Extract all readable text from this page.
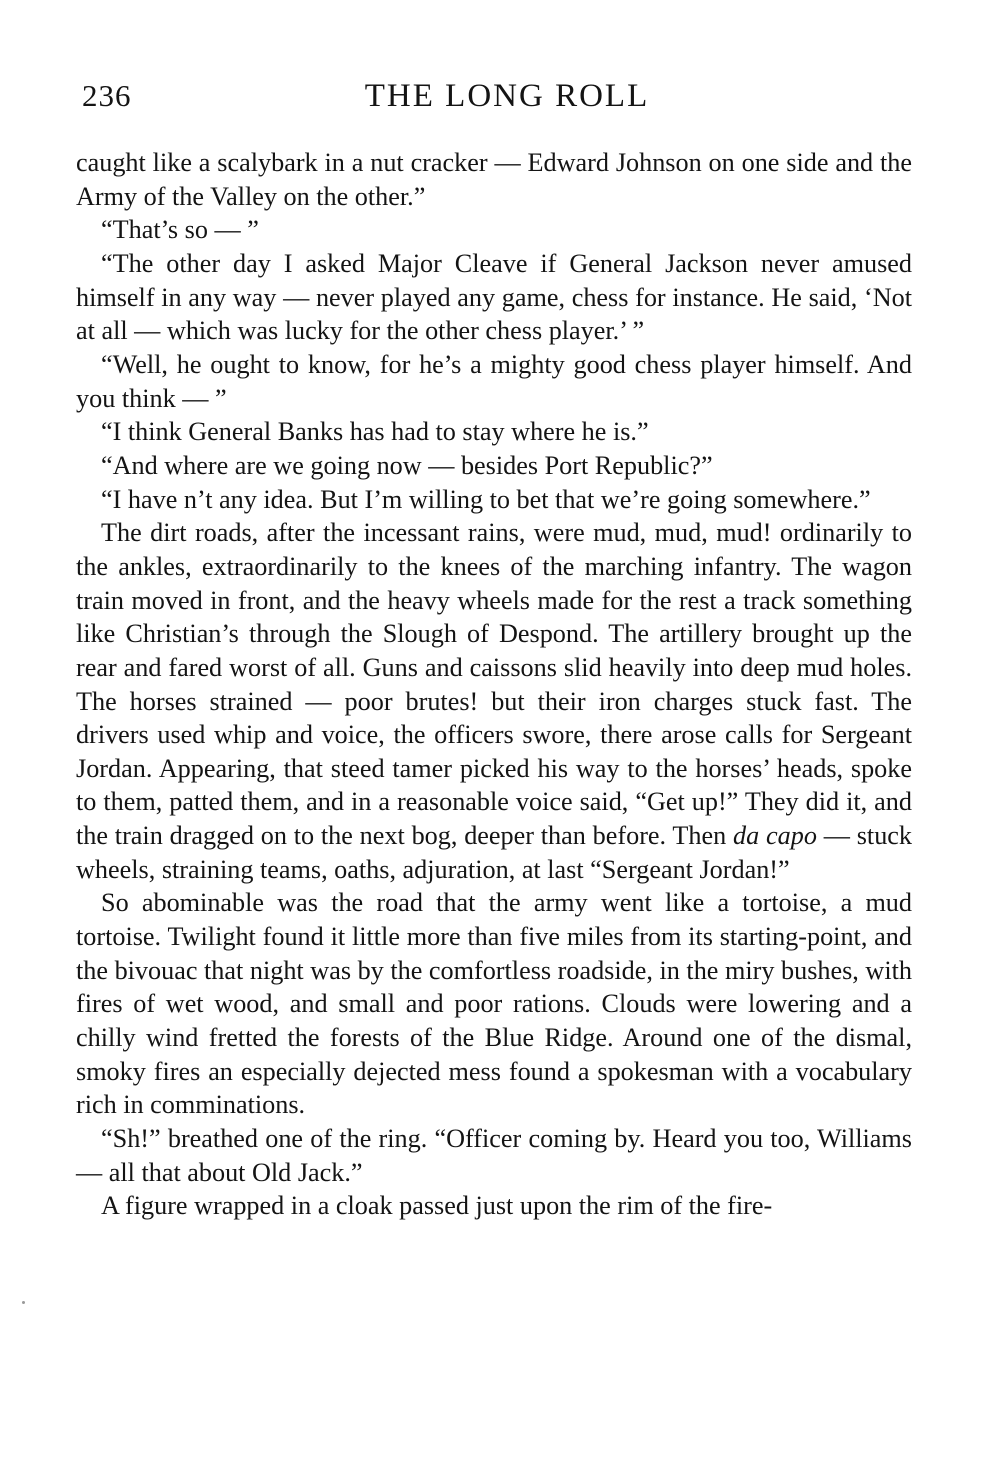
236	THE LONG ROLL

caught like a scalybark in a nut cracker — Edward Johnson on one side and the Army of the Valley on the other.”

“That’s so — ”

“The other day I asked Major Cleave if General Jackson never amused himself in any way — never played any game, chess for instance. He said, ‘Not at all — which was lucky for the other chess player.’ ”

“Well, he ought to know, for he’s a mighty good chess player himself. And you think — ”

“I think General Banks has had to stay where he is.”

“And where are we going now — besides Port Republic?”

“I have n’t any idea. But I’m willing to bet that we’re going somewhere.”

The dirt roads, after the incessant rains, were mud, mud, mud! ordinarily to the ankles, extraordinarily to the knees of the marching infantry. The wagon train moved in front, and the heavy wheels made for the rest a track something like Christian’s through the Slough of Despond. The artillery brought up the rear and fared worst of all. Guns and caissons slid heavily into deep mud holes. The horses strained — poor brutes! but their iron charges stuck fast. The drivers used whip and voice, the officers swore, there arose calls for Sergeant Jordan. Appearing, that steed tamer picked his way to the horses’ heads, spoke to them, patted them, and in a reasonable voice said, “Get up!” They did it, and the train dragged on to the next bog, deeper than before. Then da capo — stuck wheels, straining teams, oaths, adjuration, at last “Sergeant Jordan!”

So abominable was the road that the army went like a tortoise, a mud tortoise. Twilight found it little more than five miles from its starting-point, and the bivouac that night was by the comfortless roadside, in the miry bushes, with fires of wet wood, and small and poor rations. Clouds were lowering and a chilly wind fretted the forests of the Blue Ridge. Around one of the dismal, smoky fires an especially dejected mess found a spokesman with a vocabulary rich in comminations.

“Sh!” breathed one of the ring. “Officer coming by. Heard you too, Williams — all that about Old Jack.”

A figure wrapped in a cloak passed just upon the rim of the fire-
